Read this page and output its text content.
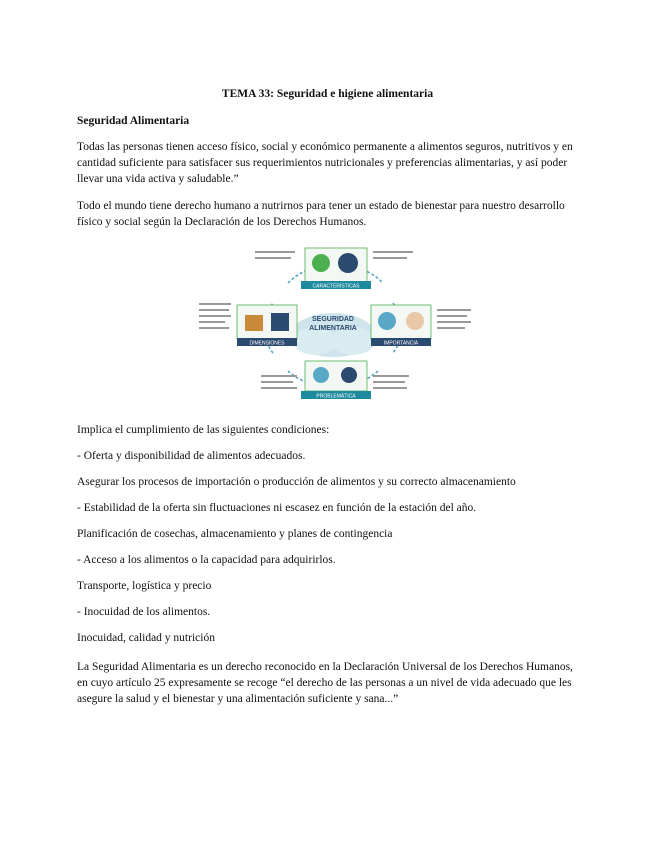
TEMA 33: Seguridad e higiene alimentaria
Seguridad Alimentaria

Todas las personas tienen acceso físico, social y económico permanente a alimentos seguros, nutritivos y en cantidad suficiente para satisfacer sus requerimientos nutricionales y preferencias alimentarias, y así poder llevar una vida activa y saludable.”

Todo el mundo tiene derecho humano a nutrirnos para tener un estado de bienestar para nuestro desarrollo físico y social según la Declaración de los Derechos Humanos.

SEGURIDAD
ALIMENTARIA
CARACTERÍSTICAS
IMPORTANCIA
DIMENSIONES
PROBLEMÁTICA

Implica el cumplimiento de las siguientes condiciones:

- Oferta y disponibilidad de alimentos adecuados.

Asegurar los procesos de importación o producción de alimentos y su correcto almacenamiento

- Estabilidad de la oferta sin fluctuaciones ni escasez en función de la estación del año.

Planificación de cosechas, almacenamiento y planes de contingencia

- Acceso a los alimentos o la capacidad para adquirirlos.

Transporte, logística y precio

- Inocuidad de los alimentos.

Inocuidad, calidad y nutrición

La Seguridad Alimentaria es un derecho reconocido en la Declaración Universal de los Derechos Humanos, en cuyo artículo 25 expresamente se recoge “el derecho de las personas a un nivel de vida adecuado que les asegure la salud y el bienestar y una alimentación suficiente y sana...”
